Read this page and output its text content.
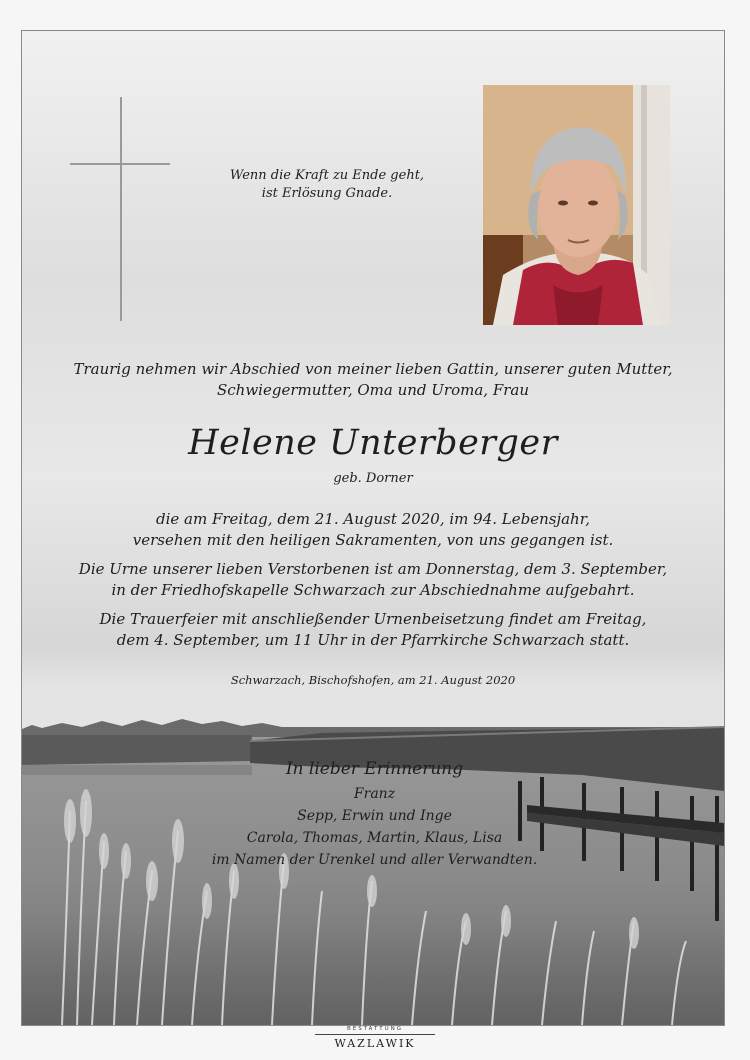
Wenn die Kraft zu Ende geht,
ist Erlösung Gnade.
Traurig nehmen wir Abschied von meiner lieben Gattin, unserer guten Mutter,
Schwiegermutter, Oma und Uroma, Frau
Helene Unterberger
geb. Dorner
die am Freitag, dem 21. August 2020, im 94. Lebensjahr,
versehen mit den heiligen Sakramenten, von uns gegangen ist.
Die Urne unserer lieben Verstorbenen ist am Donnerstag, dem 3. September,
in der Friedhofskapelle Schwarzach zur Abschiednahme aufgebahrt.
Die Trauerfeier mit anschließender Urnenbeisetzung findet am Freitag,
dem 4. September, um 11 Uhr in der Pfarrkirche Schwarzach statt.
Schwarzach, Bischofshofen, am 21. August 2020
In lieber Erinnerung
Franz
Sepp, Erwin und Inge
Carola, Thomas, Martin, Klaus, Lisa
im Namen der Urenkel und aller Verwandten.
BESTATTUNG
WAZLAWIK
